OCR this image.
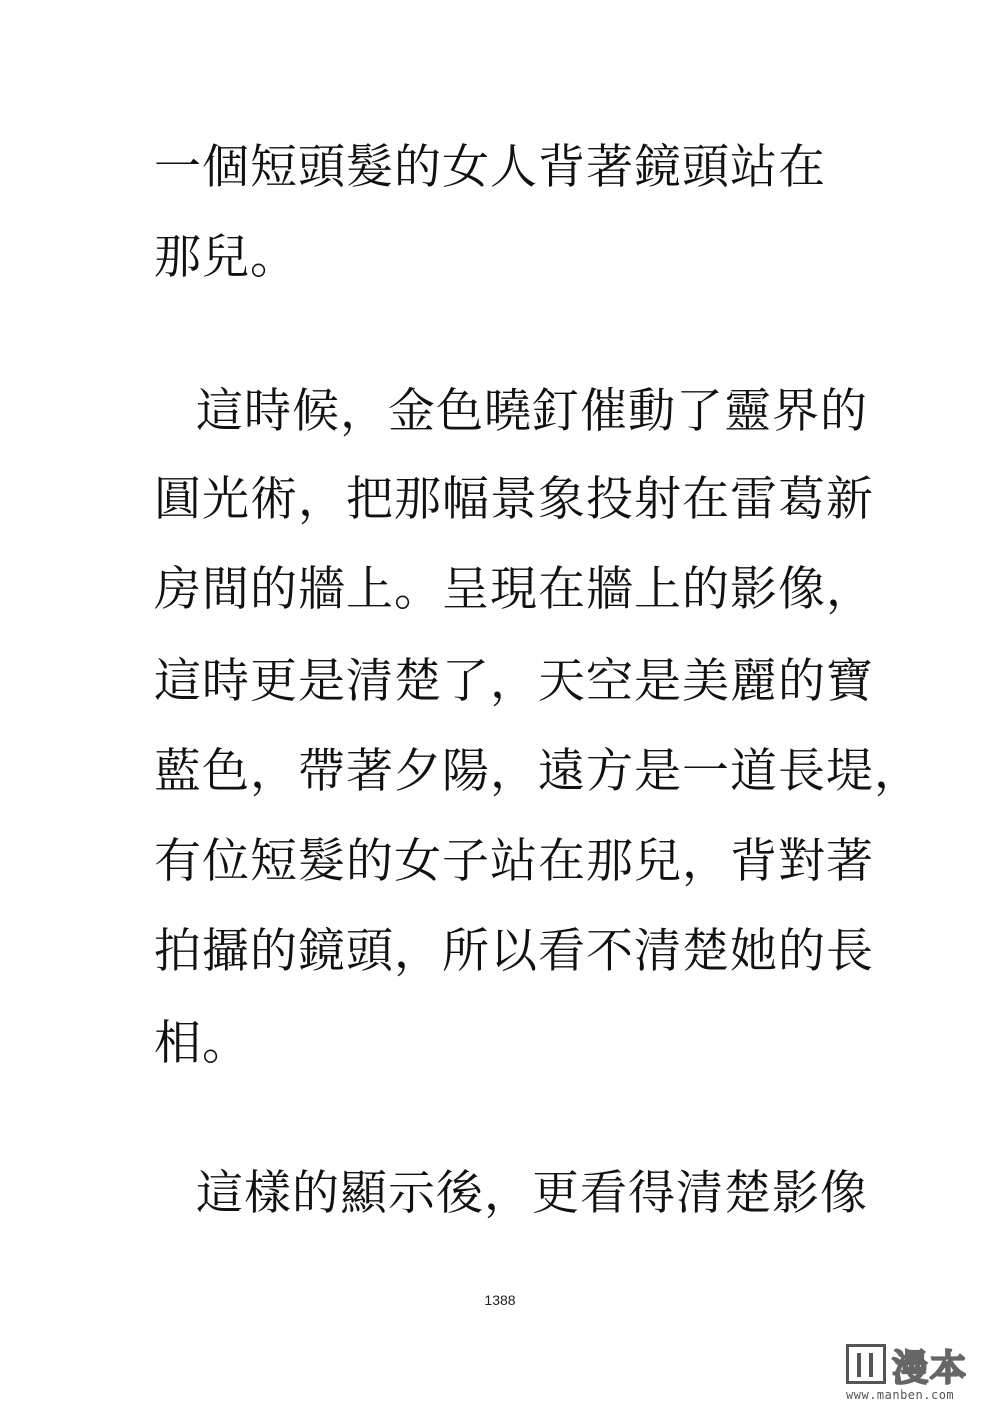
一個短頭髮的女人背著鏡頭站在
那兒。
這時候，金色曉釘催動了靈界的
圓光術，把那幅景象投射在雷葛新
房間的牆上。呈現在牆上的影像，
這時更是清楚了，天空是美麗的寶
藍色，帶著夕陽，遠方是一道長堤，
有位短髮的女子站在那兒，背對著
拍攝的鏡頭，所以看不清楚她的長
相。
這樣的顯示後，更看得清楚影像
1388
漫本
www.manben.com
